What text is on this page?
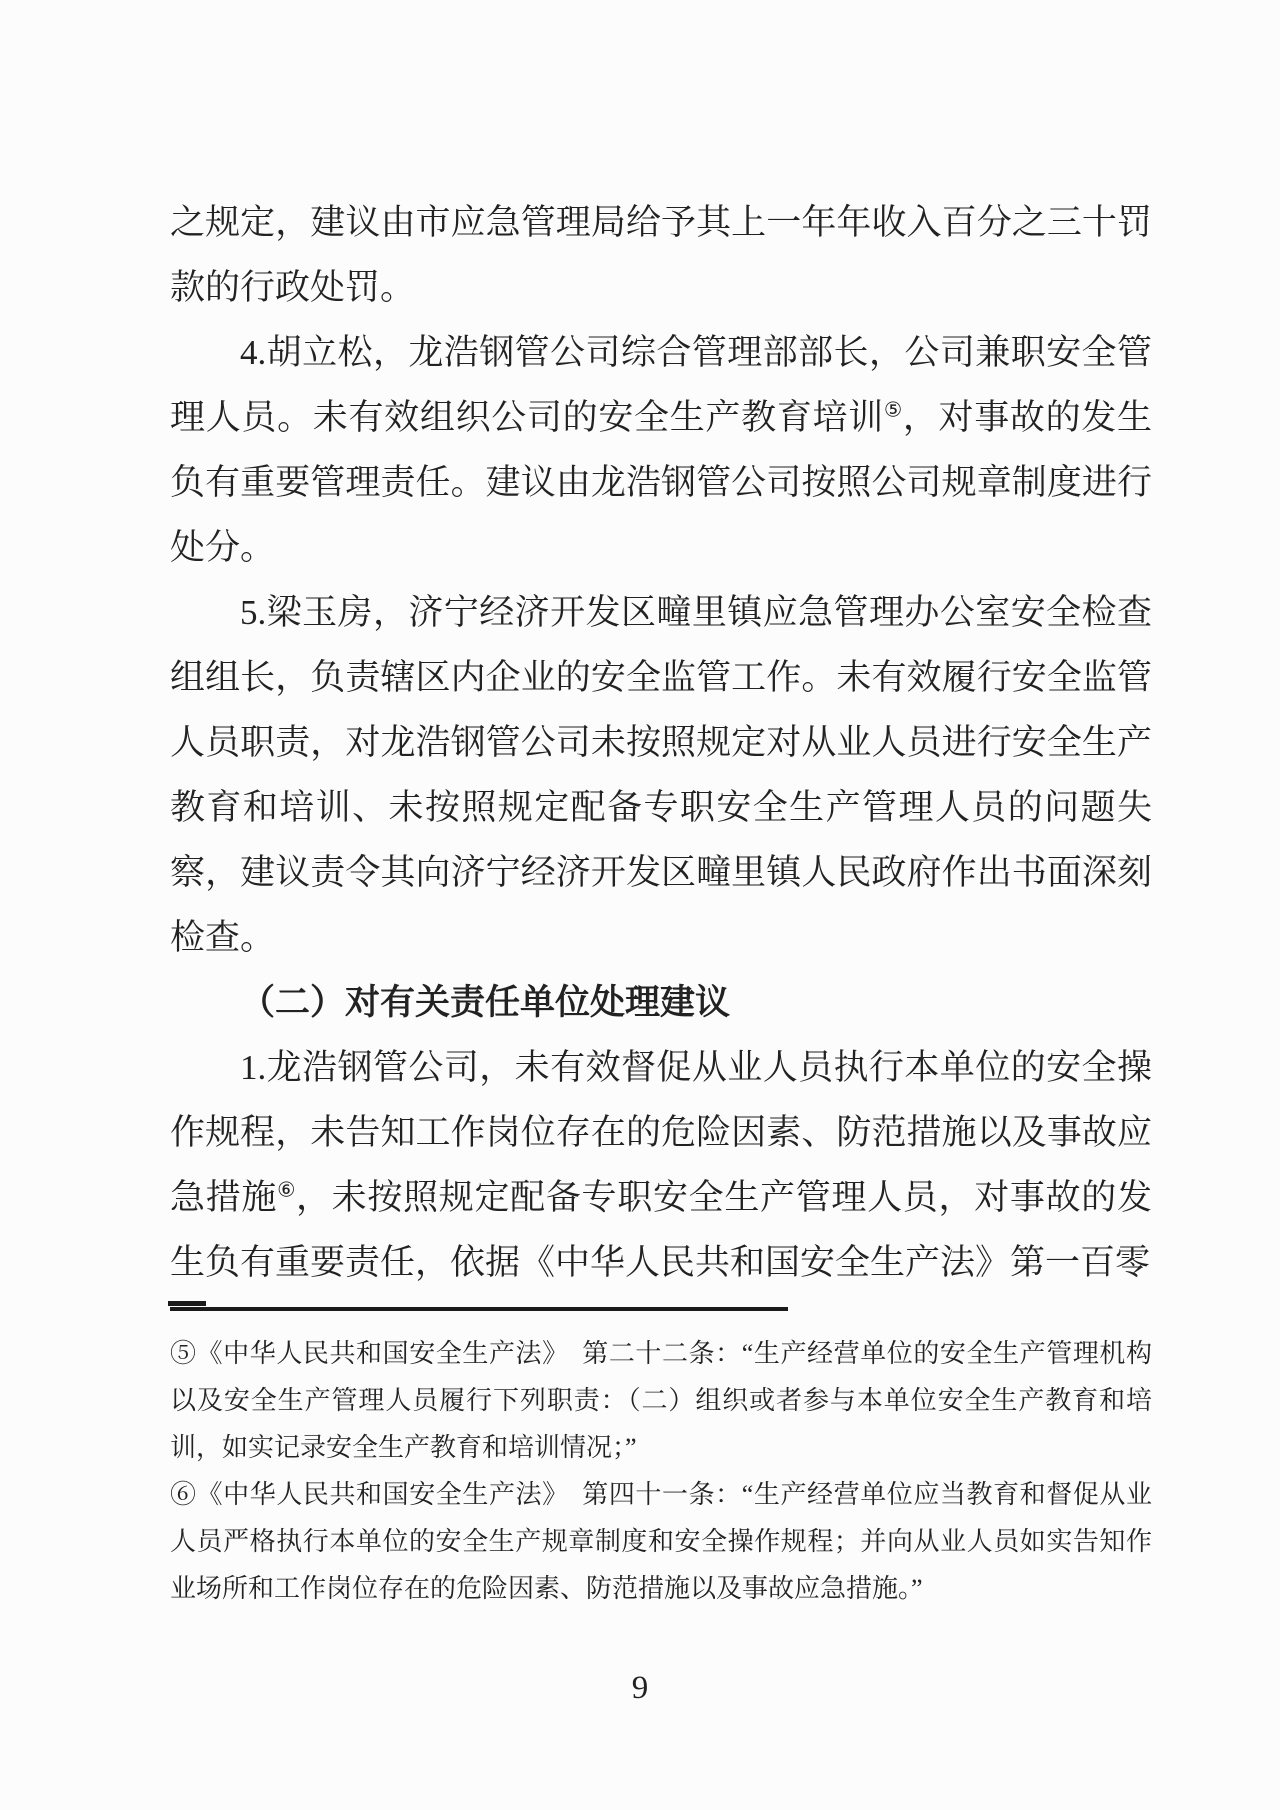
之规定，建议由市应急管理局给予其上一年年收入百分之三十罚款的行政处罚。

4.胡立松，龙浩钢管公司综合管理部部长，公司兼职安全管理人员。未有效组织公司的安全生产教育培训⑤，对事故的发生负有重要管理责任。建议由龙浩钢管公司按照公司规章制度进行处分。

5.梁玉房，济宁经济开发区疃里镇应急管理办公室安全检查组组长，负责辖区内企业的安全监管工作。未有效履行安全监管人员职责，对龙浩钢管公司未按照规定对从业人员进行安全生产教育和培训、未按照规定配备专职安全生产管理人员的问题失察，建议责令其向济宁经济开发区疃里镇人民政府作出书面深刻检查。

（二）对有关责任单位处理建议

1.龙浩钢管公司，未有效督促从业人员执行本单位的安全操作规程，未告知工作岗位存在的危险因素、防范措施以及事故应急措施⑥，未按照规定配备专职安全生产管理人员，对事故的发生负有重要责任，依据《中华人民共和国安全生产法》第一百零

⑤《中华人民共和国安全生产法》　第二十二条：“生产经营单位的安全生产管理机构以及安全生产管理人员履行下列职责：（二）组织或者参与本单位安全生产教育和培训，如实记录安全生产教育和培训情况；”

⑥《中华人民共和国安全生产法》　第四十一条：“生产经营单位应当教育和督促从业人员严格执行本单位的安全生产规章制度和安全操作规程；并向从业人员如实告知作业场所和工作岗位存在的危险因素、防范措施以及事故应急措施。”

9
